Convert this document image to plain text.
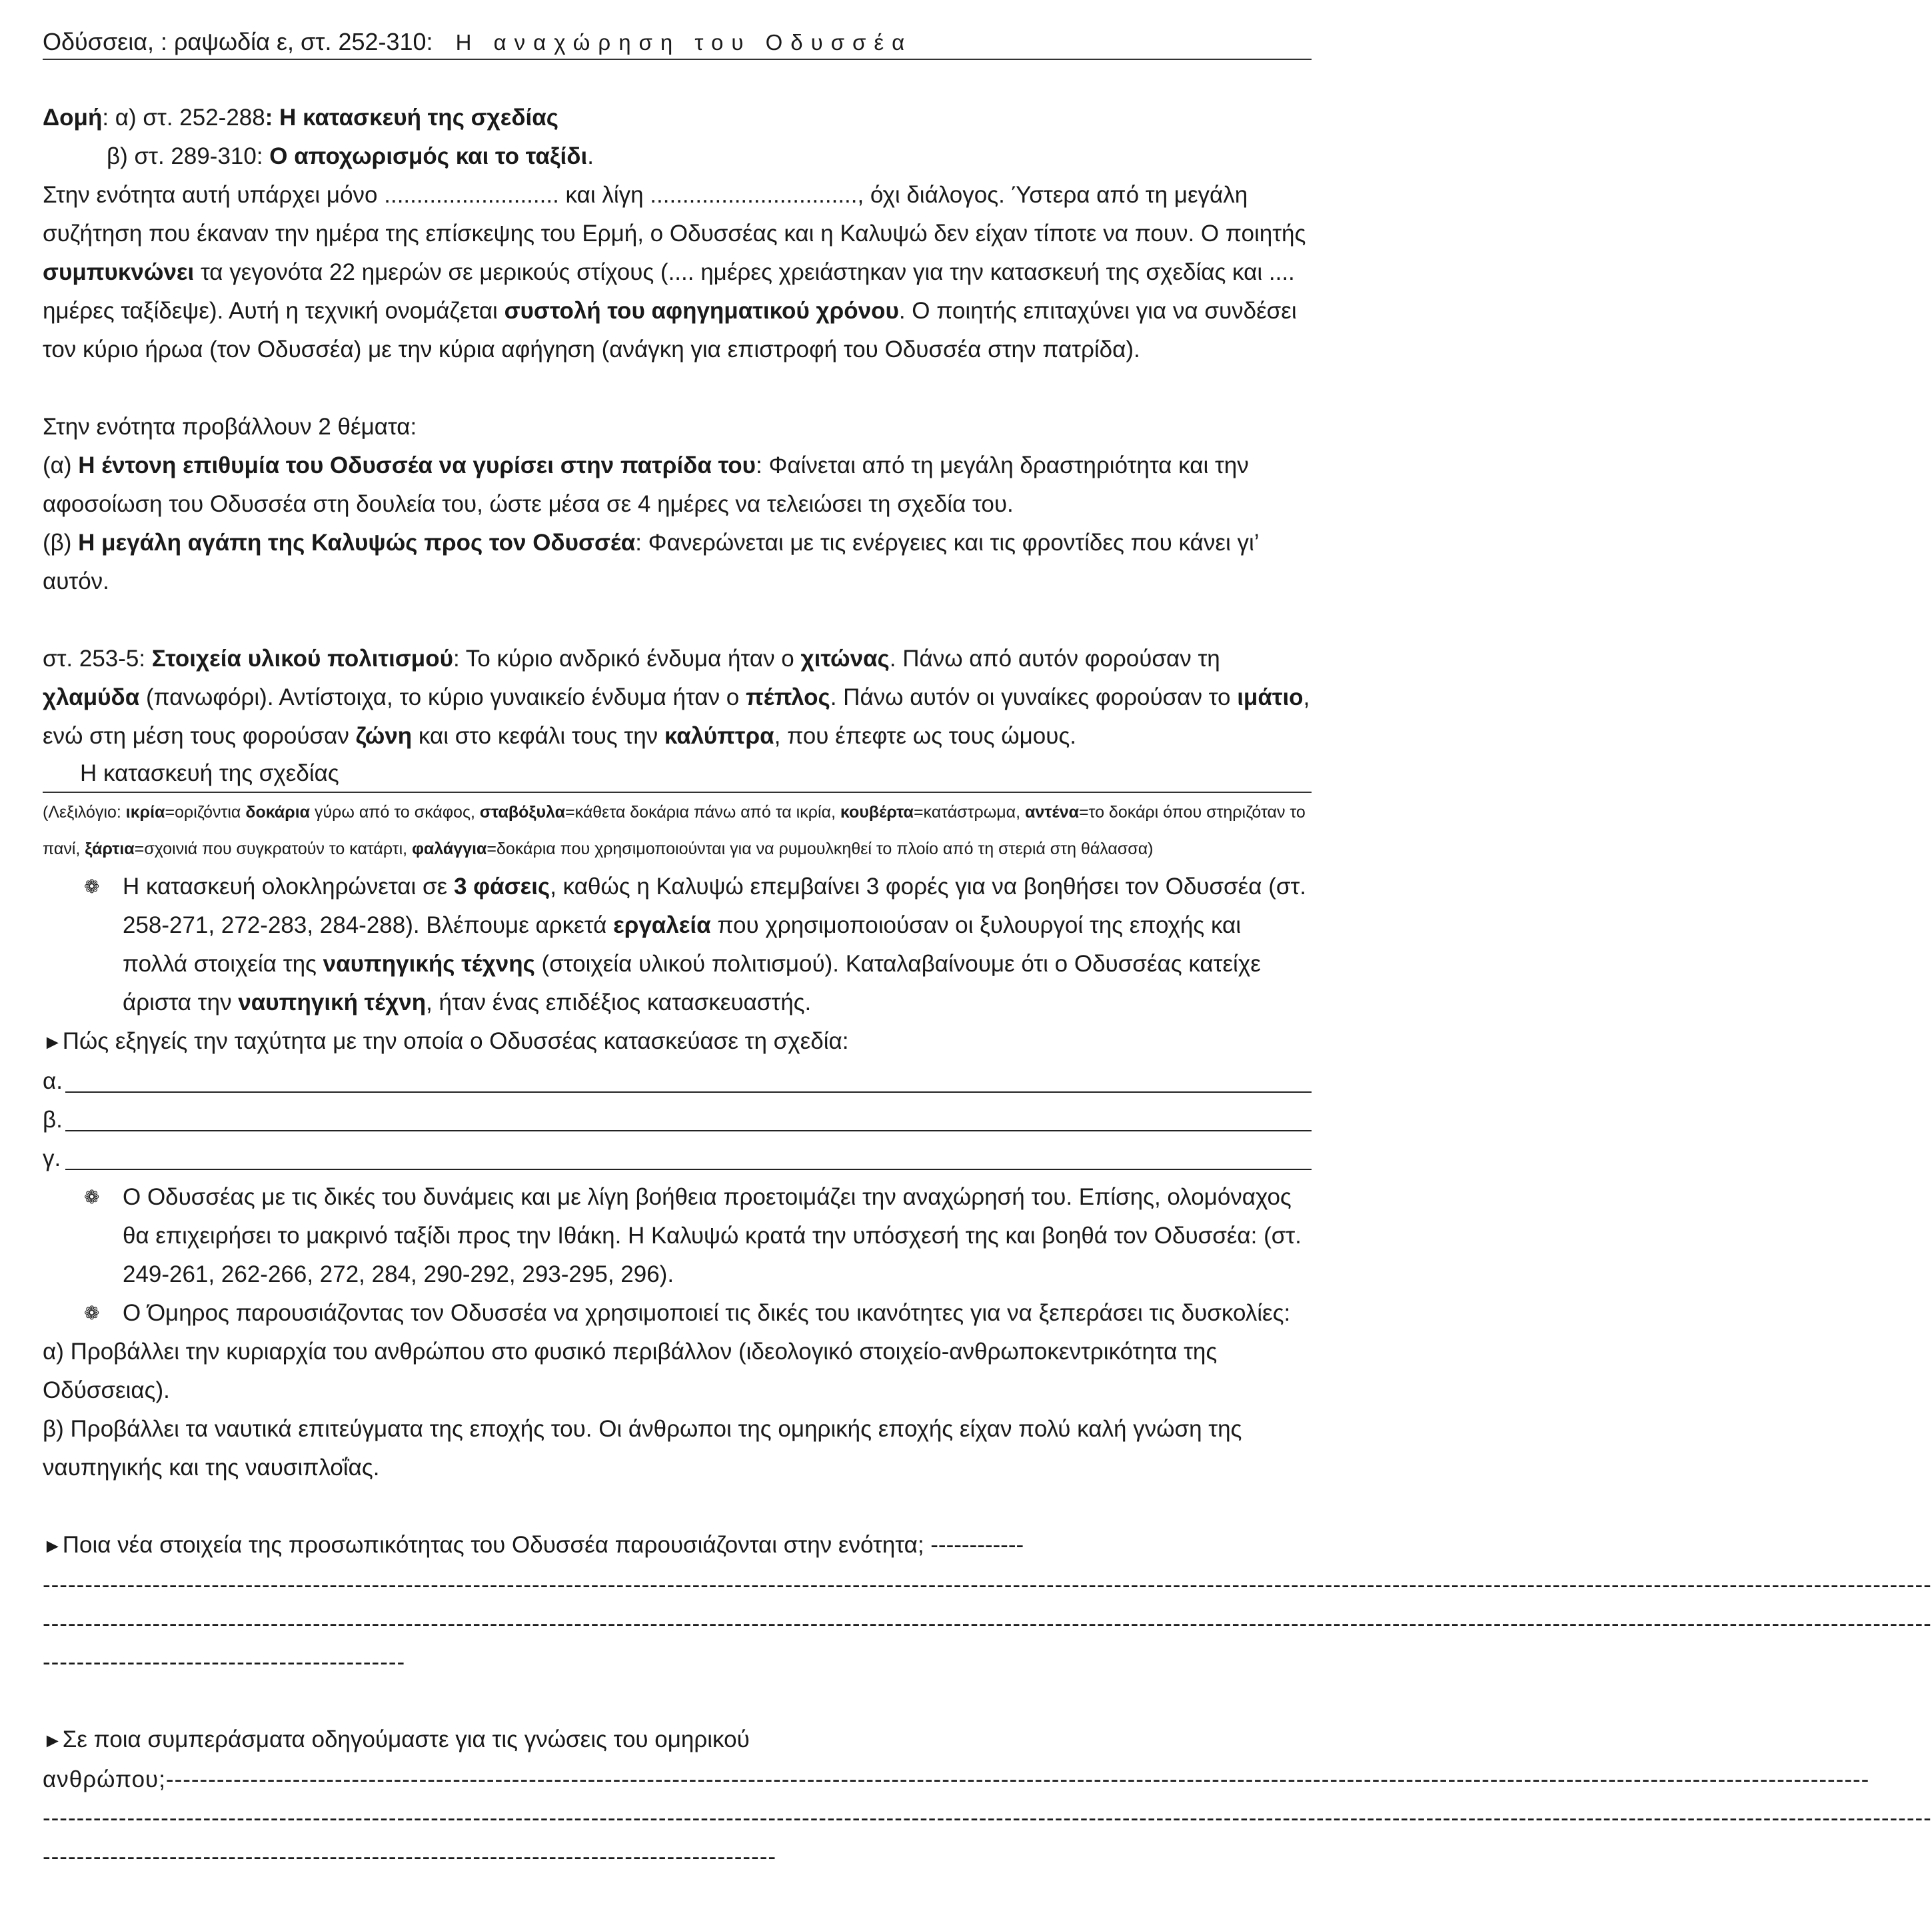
Οδύσσεια, : ραψωδία ε, στ. 252-310: Η αναχώρηση του Οδυσσέα

Δομή: α) στ. 252-288: Η κατασκευή της σχεδίας

β) στ. 289-310: Ο αποχωρισμός και το ταξίδι.

Στην ενότητα αυτή υπάρχει μόνο ........................... και λίγη ................................, όχι διάλογος. Ύστερα από τη μεγάλη συζήτηση που έκαναν την ημέρα της επίσκεψης του Ερμή, ο Οδυσσέας και η Καλυψώ δεν είχαν τίποτε να πουν. Ο ποιητής συμπυκνώνει τα γεγονότα 22 ημερών σε μερικούς στίχους (.... ημέρες χρειάστηκαν για την κατασκευή της σχεδίας και .... ημέρες ταξίδεψε). Αυτή η τεχνική ονομάζεται συστολή του αφηγηματικού χρόνου. Ο ποιητής επιταχύνει για να συνδέσει τον κύριο ήρωα (τον Οδυσσέα) με την κύρια αφήγηση (ανάγκη για επιστροφή του Οδυσσέα στην πατρίδα).

Στην ενότητα προβάλλουν 2 θέματα:

(α) Η έντονη επιθυμία του Οδυσσέα να γυρίσει στην πατρίδα του: Φαίνεται από τη μεγάλη δραστηριότητα και την αφοσοίωση του Οδυσσέα στη δουλεία του, ώστε μέσα σε 4 ημέρες να τελειώσει τη σχεδία του.

(β) Η μεγάλη αγάπη της Καλυψώς προς τον Οδυσσέα: Φανερώνεται με τις ενέργειες και τις φροντίδες που κάνει γι’ αυτόν.

στ. 253-5: Στοιχεία υλικού πολιτισμού: Το κύριο ανδρικό ένδυμα ήταν ο χιτώνας. Πάνω από αυτόν φορούσαν τη χλαμύδα (πανωφόρι). Αντίστοιχα, το κύριο γυναικείο ένδυμα ήταν ο πέπλος. Πάνω αυτόν οι γυναίκες φορούσαν το ιμάτιο, ενώ στη μέση τους φορούσαν ζώνη και στο κεφάλι τους την καλύπτρα, που έπεφτε ως τους ώμους.

Η κατασκευή της σχεδίας

(Λεξιλόγιο: ικρία=οριζόντια δοκάρια γύρω από το σκάφος, σταβόξυλα=κάθετα δοκάρια πάνω από τα ικρία, κουβέρτα=κατάστρωμα, αντένα=το δοκάρι όπου στηριζόταν το πανί, ξάρτια=σχοινιά που συγκρατούν το κατάρτι, φαλάγγια=δοκάρια που χρησιμοποιούνται για να ρυμουλκηθεί το πλοίο από τη στεριά στη θάλασσα)

❁ Η κατασκευή ολοκληρώνεται σε 3 φάσεις, καθώς η Καλυψώ επεμβαίνει 3 φορές για να βοηθήσει τον Οδυσσέα (στ. 258-271, 272-283, 284-288). Βλέπουμε αρκετά εργαλεία που χρησιμοποιούσαν οι ξυλουργοί της εποχής και πολλά στοιχεία της ναυπηγικής τέχνης (στοιχεία υλικού πολιτισμού). Καταλαβαίνουμε ότι ο Οδυσσέας κατείχε άριστα την ναυπηγική τέχνη, ήταν ένας επιδέξιος κατασκευαστής.

►Πώς εξηγείς την ταχύτητα με την οποία ο Οδυσσέας κατασκεύασε τη σχεδία:

α.
β.
γ.

❁ Ο Οδυσσέας με τις δικές του δυνάμεις και με λίγη βοήθεια προετοιμάζει την αναχώρησή του. Επίσης, ολομόναχος θα επιχειρήσει το μακρινό ταξίδι προς την Ιθάκη. Η Καλυψώ κρατά την υπόσχεσή της και βοηθά τον Οδυσσέα: (στ. 249-261, 262-266, 272, 284, 290-292, 293-295, 296).

❁ Ο Όμηρος παρουσιάζοντας τον Οδυσσέα να χρησιμοποιεί τις δικές του ικανότητες για να ξεπεράσει τις δυσκολίες:

α) Προβάλλει την κυριαρχία του ανθρώπου στο φυσικό περιβάλλον (ιδεολογικό στοιχείο-ανθρωποκεντρικότητα της Οδύσσειας).

β) Προβάλλει τα ναυτικά επιτεύγματα της εποχής του. Οι άνθρωποι της ομηρικής εποχής είχαν πολύ καλή γνώση της ναυπηγικής και της ναυσιπλοΐας.

►Ποια νέα στοιχεία της προσωπικότητας του Οδυσσέα παρουσιάζονται στην ενότητα; ------------

--------------------------------------------------------------------------------------------------------------------------------------------------------------------------------------------------------------------------------

--------------------------------------------------------------------------------------------------------------------------------------------------------------------------------------------------------------------------------

-------------------------------------------

►Σε ποια συμπεράσματα οδηγούμαστε για τις γνώσεις του ομηρικού

ανθρώπου;----------------------------------------------------------------------------------------------------------------------------------------------------------------------------------------------------------

--------------------------------------------------------------------------------------------------------------------------------------------------------------------------------------------------------------------------------

---------------------------------------------------------------------------------------
